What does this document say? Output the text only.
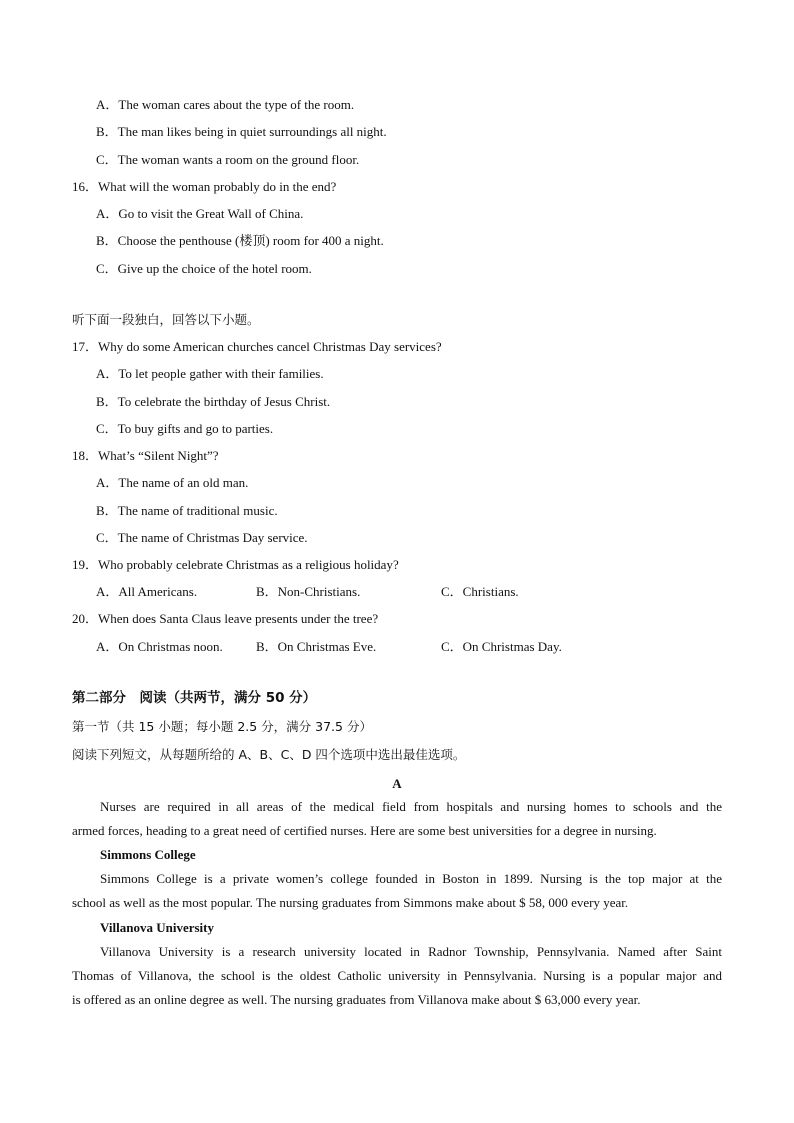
A．The woman cares about the type of the room.
B．The man likes being in quiet surroundings all night.
C．The woman wants a room on the ground floor.
16．What will the woman probably do in the end?
A．Go to visit the Great Wall of China.
B．Choose the penthouse (楼顶) room for 400 a night.
C．Give up the choice of the hotel room.
听下面一段独白，回答以下小题。
17．Why do some American churches cancel Christmas Day services?
A．To let people gather with their families.
B．To celebrate the birthday of Jesus Christ.
C．To buy gifts and go to parties.
18．What’s “Silent Night”?
A．The name of an old man.
B．The name of traditional music.
C．The name of Christmas Day service.
19．Who probably celebrate Christmas as a religious holiday?
A．All Americans.	B．Non-Christians.	C．Christians.
20．When does Santa Claus leave presents under the tree?
A．On Christmas noon.	B．On Christmas Eve.	C．On Christmas Day.
第二部分　阅读（共两节，满分 50 分）
第一节（共 15 小题；每小题 2.5 分，满分 37.5 分）
阅读下列短文，从每题所给的 A、B、C、D 四个选项中选出最佳选项。
A
Nurses are required in all areas of the medical field from hospitals and nursing homes to schools and the
armed forces, heading to a great need of certified nurses. Here are some best universities for a degree in nursing.
Simmons College
Simmons College is a private women’s college founded in Boston in 1899. Nursing is the top major at the
school as well as the most popular. The nursing graduates from Simmons make about $ 58, 000 every year.
Villanova University
Villanova University is a research university located in Radnor Township, Pennsylvania. Named after Saint
Thomas of Villanova, the school is the oldest Catholic university in Pennsylvania. Nursing is a popular major and
is offered as an online degree as well. The nursing graduates from Villanova make about $ 63,000 every year.
